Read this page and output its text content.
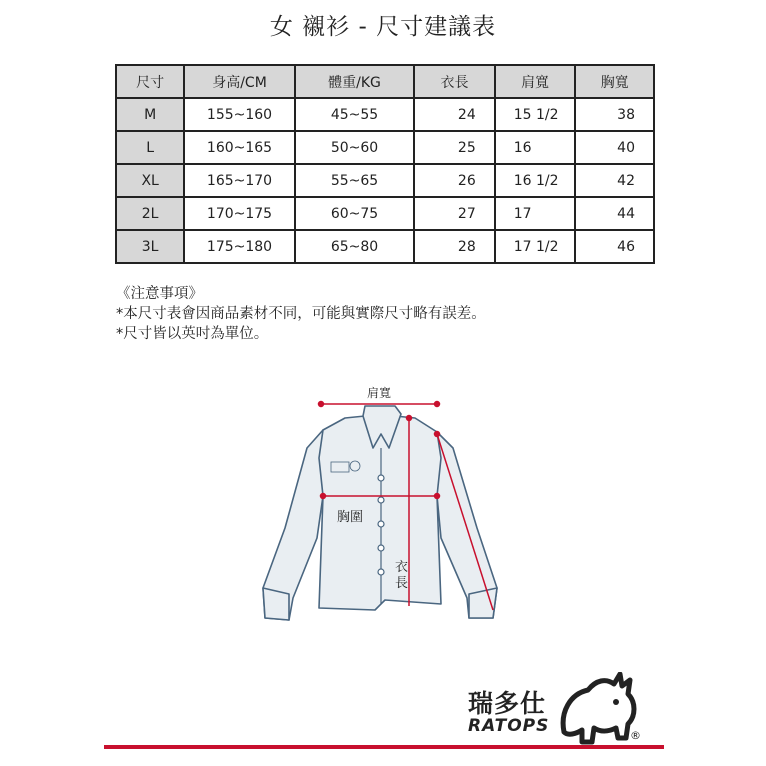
女 襯衫 - 尺寸建議表
尺寸	身高/CM	體重/KG	衣長	肩寬	胸寬
M	155~160	45~55	24	15 1/2	38
L	160~165	50~60	25	16	40
XL	165~170	55~65	26	16 1/2	42
2L	170~175	60~75	27	17	44
3L	175~180	65~80	28	17 1/2	46
《注意事項》
*本尺寸表會因商品素材不同，可能與實際尺寸略有誤差。
*尺寸皆以英吋為單位。
肩寬
胸圍
衣
長
瑞多仕
RATOPS	®
